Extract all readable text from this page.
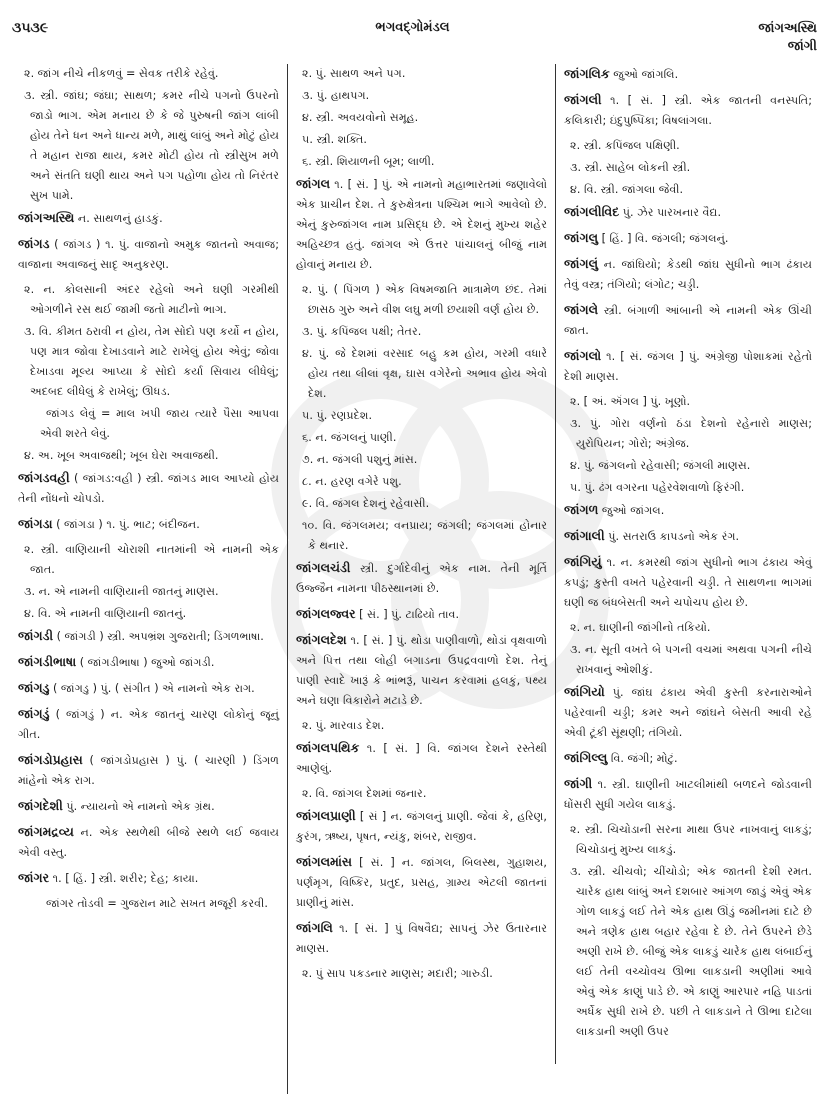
૩૫૩૯	ભગવદ્ગોમંડલ	જાંગઅસ્થિ
જાંગી

૨. જાંગ નીચે નીકળવું = સેવક તરીકે રહેવું.

૩. સ્ત્રી. જાંઘ; જંઘા; સાથળ; કમર નીચે પગનો ઉપરનો જાડો ભાગ. એમ મનાય છે કે જે પુરુષની જાંગ લાંબી હોય તેને ધન અને ધાન્ય મળે, માથું લાંબું અને મોટું હોય તે મહાન રાજા થાય, કમર મોટી હોય તો સ્ત્રીસુખ મળે અને સંતતિ ઘણી થાય અને પગ પહોળા હોય તો નિરંતર સુખ પામે.

જાંગઅસ્થિ ન. સાથળનું હાડકું.

જાંગડ ( જાંગડ ) ૧. પું. વાજાનો અમુક જાતનો અવાજ; વાજાના અવાજનું સાદૃ અનુકરણ.

૨. ન. કોલસાની અંદર રહેલો અને ઘણી ગરમીથી ઓગળીને રસ થઈ જામી જતો માટીનો ભાગ.

૩. વિ. કીમત ઠરાવી ન હોય, તેમ સોદો પણ કર્યો ન હોય, પણ માત્ર જોવા દેખાડવાને માટે રાખેલું હોય એવું; જોવા દેખાડવા મૂલ્ય આપ્યા કે સોદો કર્યા સિવાય લીધેલું; અદબદ લીધેલું કે રાખેલું; ઊધડ.

જાંગડ લેવું = માલ ખપી જાય ત્યારે પૈસા આપવા એવી શરતે લેવું.

૪. અ. ખૂબ અવાજથી; ખૂબ ઘેરા અવાજથી.

જાંગડવહી ( જાંગડ:વહી ) સ્ત્રી. જાંગડ માલ આપ્યો હોય તેની નોંધનો ચોપડો.

જાંગડા ( જાંગડા ) ૧. પું. ભાટ; બંદીજન.

૨. સ્ત્રી. વાણિયાની ચોરાશી નાતમાંની એ નામની એક જાત.

૩. ન. એ નામની વાણિયાની જાતનું માણસ.

૪. વિ. એ નામની વાણિયાની જાતનું.

જાંગડી ( જાંગડી ) સ્ત્રી. અપભ્રંશ ગુજરાતી; ડિંગળભાષા.

જાંગડીભાષા ( જાંગડીભાષા ) જુઓ જાંગડી.

જાંગડુ ( જાંગડુ ) પું. ( સંગીત ) એ નામનો એક રાગ.

જાંગડું ( જાંગડું ) ન. એક જાતનું ચારણ લોકોનું જૂનું ગીત.

જાંગડોપ્રહાસ ( જાંગડોપ્રહાસ ) પું. ( ચારણી ) ડિંગળ માંહેનો એક રાગ.

જાંગદેશી પું. ન્યાયનો એ નામનો એક ગ્રંથ.

જાંગમદ્રવ્ય ન. એક સ્થળેથી બીજે સ્થળે લઈ જવાય એવી વસ્તુ.

જાંગર ૧. [ હિં. ] સ્ત્રી. શરીર; દેહ; કાયા.

જાંગર તોડવી = ગુજરાન માટે સખત મજૂરી કરવી.

૨. પું. સાથળ અને પગ.

૩. પું. હાથપગ.

૪. સ્ત્રી. અવયવોનો સમૂહ.

૫. સ્ત્રી. શક્તિ.

૬. સ્ત્રી. શિયાળની બૂમ; લાળી.

જાંગલ ૧. [ સં. ] પું. એ નામનો મહાભારતમાં જણાવેલો એક પ્રાચીન દેશ. તે કુરુક્ષેત્રના પશ્ચિમ ભાગે આવેલો છે. એનું કુરુજાંગલ નામ પ્રસિદ્ધ છે. એ દેશનું મુખ્ય શહેર અહિચ્છત્ર હતું. જાંગલ એ ઉત્તર પાંચાલનું બીજું નામ હોવાનું મનાય છે.

૨. પું. ( પિંગળ ) એક વિષમજાતિ માત્રામેળ છંદ. તેમાં છાસઠ ગુરુ અને વીશ લઘુ મળી છયાશી વર્ણ હોય છે.

૩. પું. કપિંજલ પક્ષી; તેતર.

૪. પું. જે દેશમાં વરસાદ બહુ કમ હોય, ગરમી વધારે હોય તથા લીલાં વૃક્ષ, ઘાસ વગેરેનો અભાવ હોય એવો દેશ.

૫. પું. રણપ્રદેશ.

૬. ન. જંગલનું પાણી.

૭. ન. જંગલી પશુનું માંસ.

૮. ન. હરણ વગેરે પશુ.

૯. વિ. જંગલ દેશનું રહેવાસી.

૧૦. વિ. જંગલમય; વનપ્રાય; જંગલી; જંગલમાં હોનાર કે થનાર.

જાંગલચંડી સ્ત્રી. દુર્ગાદેવીનું એક નામ. તેની મૂર્તિ ઉજ્જૈન નામના પીઠસ્થાનમાં છે.

જાંગલજ્વર [ સં. ] પું. ટાઢિયો તાવ.

જાંગલદેશ ૧. [ સં. ] પું. થોડા પાણીવાળો, થોડાં વૃક્ષવાળો અને પિત્ત તથા લોહી બગાડના ઉપદ્રવવાળો દેશ. તેનું પાણી સ્વાદે ખારૂં કે ભાંભરૂં, પાચન કરવામાં હલકું, પથ્ય અને ઘણા વિકારોને મટાડે છે.

૨. પું. મારવાડ દેશ.

જાંગલપથિક ૧. [ સં. ] વિ. જાંગલ દેશને રસ્તેથી આણેલું.

૨. વિ. જાંગલ દેશમાં જનાર.

જાંગલપ્રાણી [ સં ] ન. જંગલનું પ્રાણી. જેવાં કે, હરિણ, કુરંગ, ઋષ્ય, પૃષત, ન્યંકુ, શંબર, રાજીવ.

જાંગલમાંસ [ સં. ] ન. જાંગલ, બિલસ્થ, ગુહાશય, પર્ણમૃગ, વિષ્કિર, પ્રતુદ, પ્રસહ, ગ્રામ્ય એટલી જાતનાં પ્રાણીનું માંસ.

જાંગલિ ૧. [ સં. ] પું વિષવૈદ્ય; સાપનું ઝેર ઉતારનાર માણસ.

૨. પું સાપ પકડનાર માણસ; મદારી; ગારુડી.

જાંગલિક જુઓ જાંગલિ.

જાંગલી ૧. [ સં. ] સ્ત્રી. એક જાતની વનસ્પતિ; કલિકારી; ઇંદુપુષ્પિકા; વિષલાંગલા.

૨. સ્ત્રી. કપિંજલ પક્ષિણી.

૩. સ્ત્રી. સાહેબ લોકની સ્ત્રી.

૪. વિ. સ્ત્રી. જાંગલા જેવી.

જાંગલીવિદ પું. ઝેર પારખનાર વૈદ્ય.

જાંગલુ [ હિં. ] વિ. જંગલી; જંગલનું.

જાંગલું ન. જાંઘિયો; કેડથી જાંઘ સુધીનો ભાગ ઢંકાય તેવું વસ્ત્ર; તંગિયો; લંગોટ; ચડ્ડી.

જાંગલે સ્ત્રી. બંગાળી આંબાની એ નામની એક ઊંચી જાત.

જાંગલો ૧. [ સં. જંગલ ] પું. અંગ્રેજી પોશાકમાં રહેતો દેશી માણસ.

૨. [ અં. ઍંગલ ] પું. ખૂણો.

૩. પું. ગોરા વર્ણનો ઠંડા દેશનો રહેનારો માણસ; યુરોપિયન; ગોરો; અંગ્રેજ.

૪. પું. જંગલનો રહેવાસી; જંગલી માણસ.

૫. પું. ઢંગ વગરના પહેરવેશવાળો ફિરંગી.

જાંગળ જુઓ જાંગલ.

જાંગાલી પું. સતરાઉ કાપડનો એક રંગ.

જાંગિયું ૧. ન. કમરથી જાંગ સુધીનો ભાગ ઢંકાય એવું કપડું; કુસ્તી વખતે પહેરવાની ચડ્ડી. તે સાથળના ભાગમાં ઘણી જ બંધબેસતી અને ચપોચપ હોય છે.

૨. ન. ઘાણીની જાંગીનો તકિયો.

૩. ન. સૂતી વખતે બે પગની વચમાં અથવા પગની નીચે રાખવાનું ઓશીકું.

જાંગિયો પું. જાંઘ ઢંકાય એવી કુસ્તી કરનારાઓને પહેરવાની ચડ્ડી; કમર અને જાંઘને બેસતી આવી રહે એવી ટૂંકી સૂંથણી; તંગિયો.

જાંગિલ્લુ વિ. જંગી; મોટું.

જાંગી ૧. સ્ત્રી. ઘાણીની ખાટલીમાંથી બળદને જોડવાની ધોંસરી સુધી ગયેલ લાકડું.

૨. સ્ત્રી. ચિચોડાની સરના માથા ઉપર નાખવાનું લાકડું; ચિચોડાનું મુખ્ય લાકડું.

૩. સ્ત્રી. ચીચવો; ચીંચોડો; એક જાતની દેશી રમત. ચારેક હાથ લાંબું અને દશબાર આંગળ જાડું એવું એક ગોળ લાકડું લઈ તેને એક હાથ ઊંડું જમીનમાં દાટે છે અને ત્રણેક હાથ બહાર રહેવા દે છે. તેને ઉપરને છેડે અણી રાખે છે. બીજું એક લાકડું ચારેક હાથ લંબાઈનું લઈ તેની વચ્ચોવચ ઊભા લાકડાની અણીમાં આવે એવું એક કાણું પાડે છે. એ કાણું આરપાર નહિ પાડતાં અર્ધેક સુધી રાખે છે. પછી તે લાકડાને તે ઊભા દાટેલા લાકડાની અણી ઉપર
